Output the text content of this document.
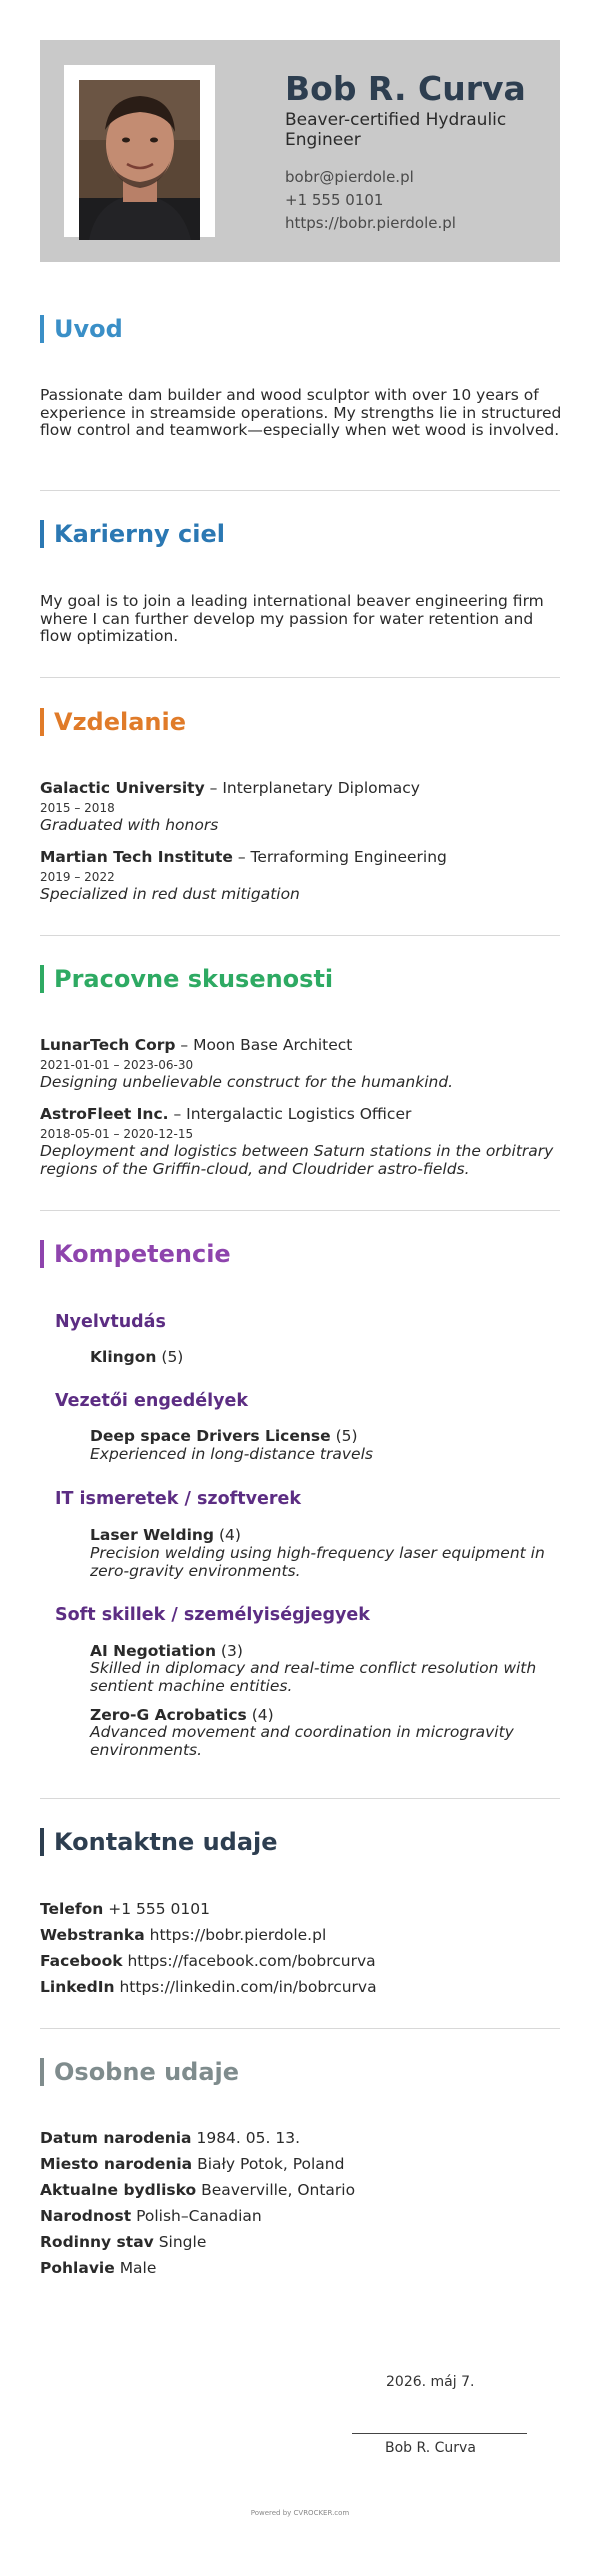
Bob R. Curva
Beaver-certified Hydraulic Engineer
bobr@pierdole.pl
+1 555 0101
https://bobr.pierdole.pl
Uvod
Passionate dam builder and wood sculptor with over 10 years of experience in streamside operations. My strengths lie in structured flow control and teamwork—especially when wet wood is involved.
Karierny ciel
My goal is to join a leading international beaver engineering firm where I can further develop my passion for water retention and flow optimization.
Vzdelanie
Galactic University – Interplanetary Diplomacy
2015 – 2018
Graduated with honors
Martian Tech Institute – Terraforming Engineering
2019 – 2022
Specialized in red dust mitigation
Pracovne skusenosti
LunarTech Corp – Moon Base Architect
2021-01-01 – 2023-06-30
Designing unbelievable construct for the humankind.
AstroFleet Inc. – Intergalactic Logistics Officer
2018-05-01 – 2020-12-15
Deployment and logistics between Saturn stations in the orbitrary regions of the Griffin-cloud, and Cloudrider astro-fields.
Kompetencie
Nyelvtudás
Klingon (5)
Vezetői engedélyek
Deep space Drivers License (5)
Experienced in long-distance travels
IT ismeretek / szoftverek
Laser Welding (4)
Precision welding using high-frequency laser equipment in zero-gravity environments.
Soft skillek / személyiségjegyek
AI Negotiation (3)
Skilled in diplomacy and real-time conflict resolution with sentient machine entities.
Zero-G Acrobatics (4)
Advanced movement and coordination in microgravity environments.
Kontaktne udaje
Telefon +1 555 0101
Webstranka https://bobr.pierdole.pl
Facebook https://facebook.com/bobrcurva
LinkedIn https://linkedin.com/in/bobrcurva
Osobne udaje
Datum narodenia 1984. 05. 13.
Miesto narodenia Biały Potok, Poland
Aktualne bydlisko Beaverville, Ontario
Narodnost Polish–Canadian
Rodinny stav Single
Pohlavie Male
2026. máj 7.
Bob R. Curva
Powered by CVROCKER.com
